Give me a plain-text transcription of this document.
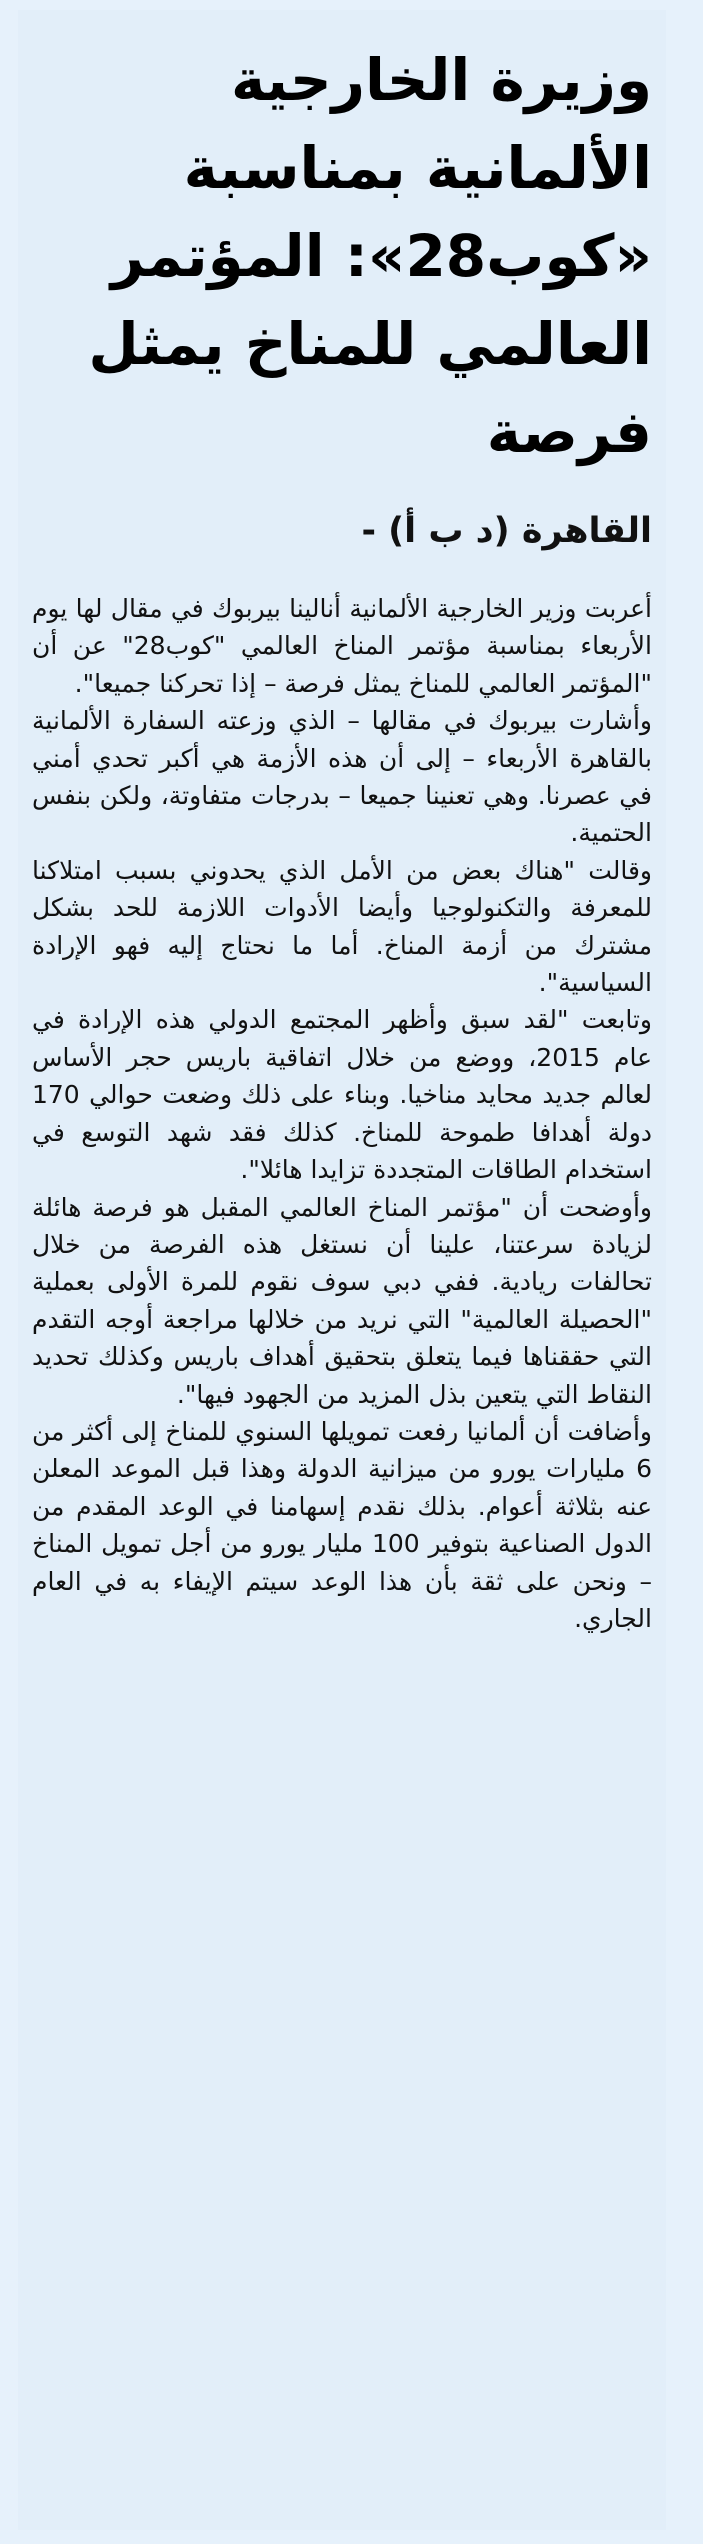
وزيرة الخارجية الألمانية بمناسبة «كوب28»: المؤتمر العالمي للمناخ يمثل فرصة
القاهرة (د ب أ) -

أعربت وزير الخارجية الألمانية أنالينا بيربوك في مقال لها يوم الأربعاء بمناسبة مؤتمر المناخ العالمي "كوب28" عن أن "المؤتمر العالمي للمناخ يمثل فرصة – إذا تحركنا جميعا".

وأشارت بيربوك في مقالها – الذي وزعته السفارة الألمانية بالقاهرة الأربعاء – إلى أن هذه الأزمة هي أكبر تحدي أمني في عصرنا. وهي تعنينا جميعا – بدرجات متفاوتة، ولكن بنفس الحتمية.

وقالت "هناك بعض من الأمل الذي يحدوني بسبب امتلاكنا للمعرفة والتكنولوجيا وأيضا الأدوات اللازمة للحد بشكل مشترك من أزمة المناخ. أما ما نحتاج إليه فهو الإرادة السياسية".

وتابعت "لقد سبق وأظهر المجتمع الدولي هذه الإرادة في عام 2015، ووضع من خلال اتفاقية باريس حجر الأساس لعالم جديد محايد مناخيا. وبناء على ذلك وضعت حوالي 170 دولة أهدافا طموحة للمناخ. كذلك فقد شهد التوسع في استخدام الطاقات المتجددة تزايدا هائلا".

وأوضحت أن "مؤتمر المناخ العالمي المقبل هو فرصة هائلة لزيادة سرعتنا، علينا أن نستغل هذه الفرصة من خلال تحالفات ريادية. ففي دبي سوف نقوم للمرة الأولى بعملية "الحصيلة العالمية" التي نريد من خلالها مراجعة أوجه التقدم التي حققناها فيما يتعلق بتحقيق أهداف باريس وكذلك تحديد النقاط التي يتعين بذل المزيد من الجهود فيها".

وأضافت أن ألمانيا رفعت تمويلها السنوي للمناخ إلى أكثر من 6 مليارات يورو من ميزانية الدولة وهذا قبل الموعد المعلن عنه بثلاثة أعوام. بذلك نقدم إسهامنا في الوعد المقدم من الدول الصناعية بتوفير 100 مليار يورو من أجل تمويل المناخ – ونحن على ثقة بأن هذا الوعد سيتم الإيفاء به في العام الجاري.
